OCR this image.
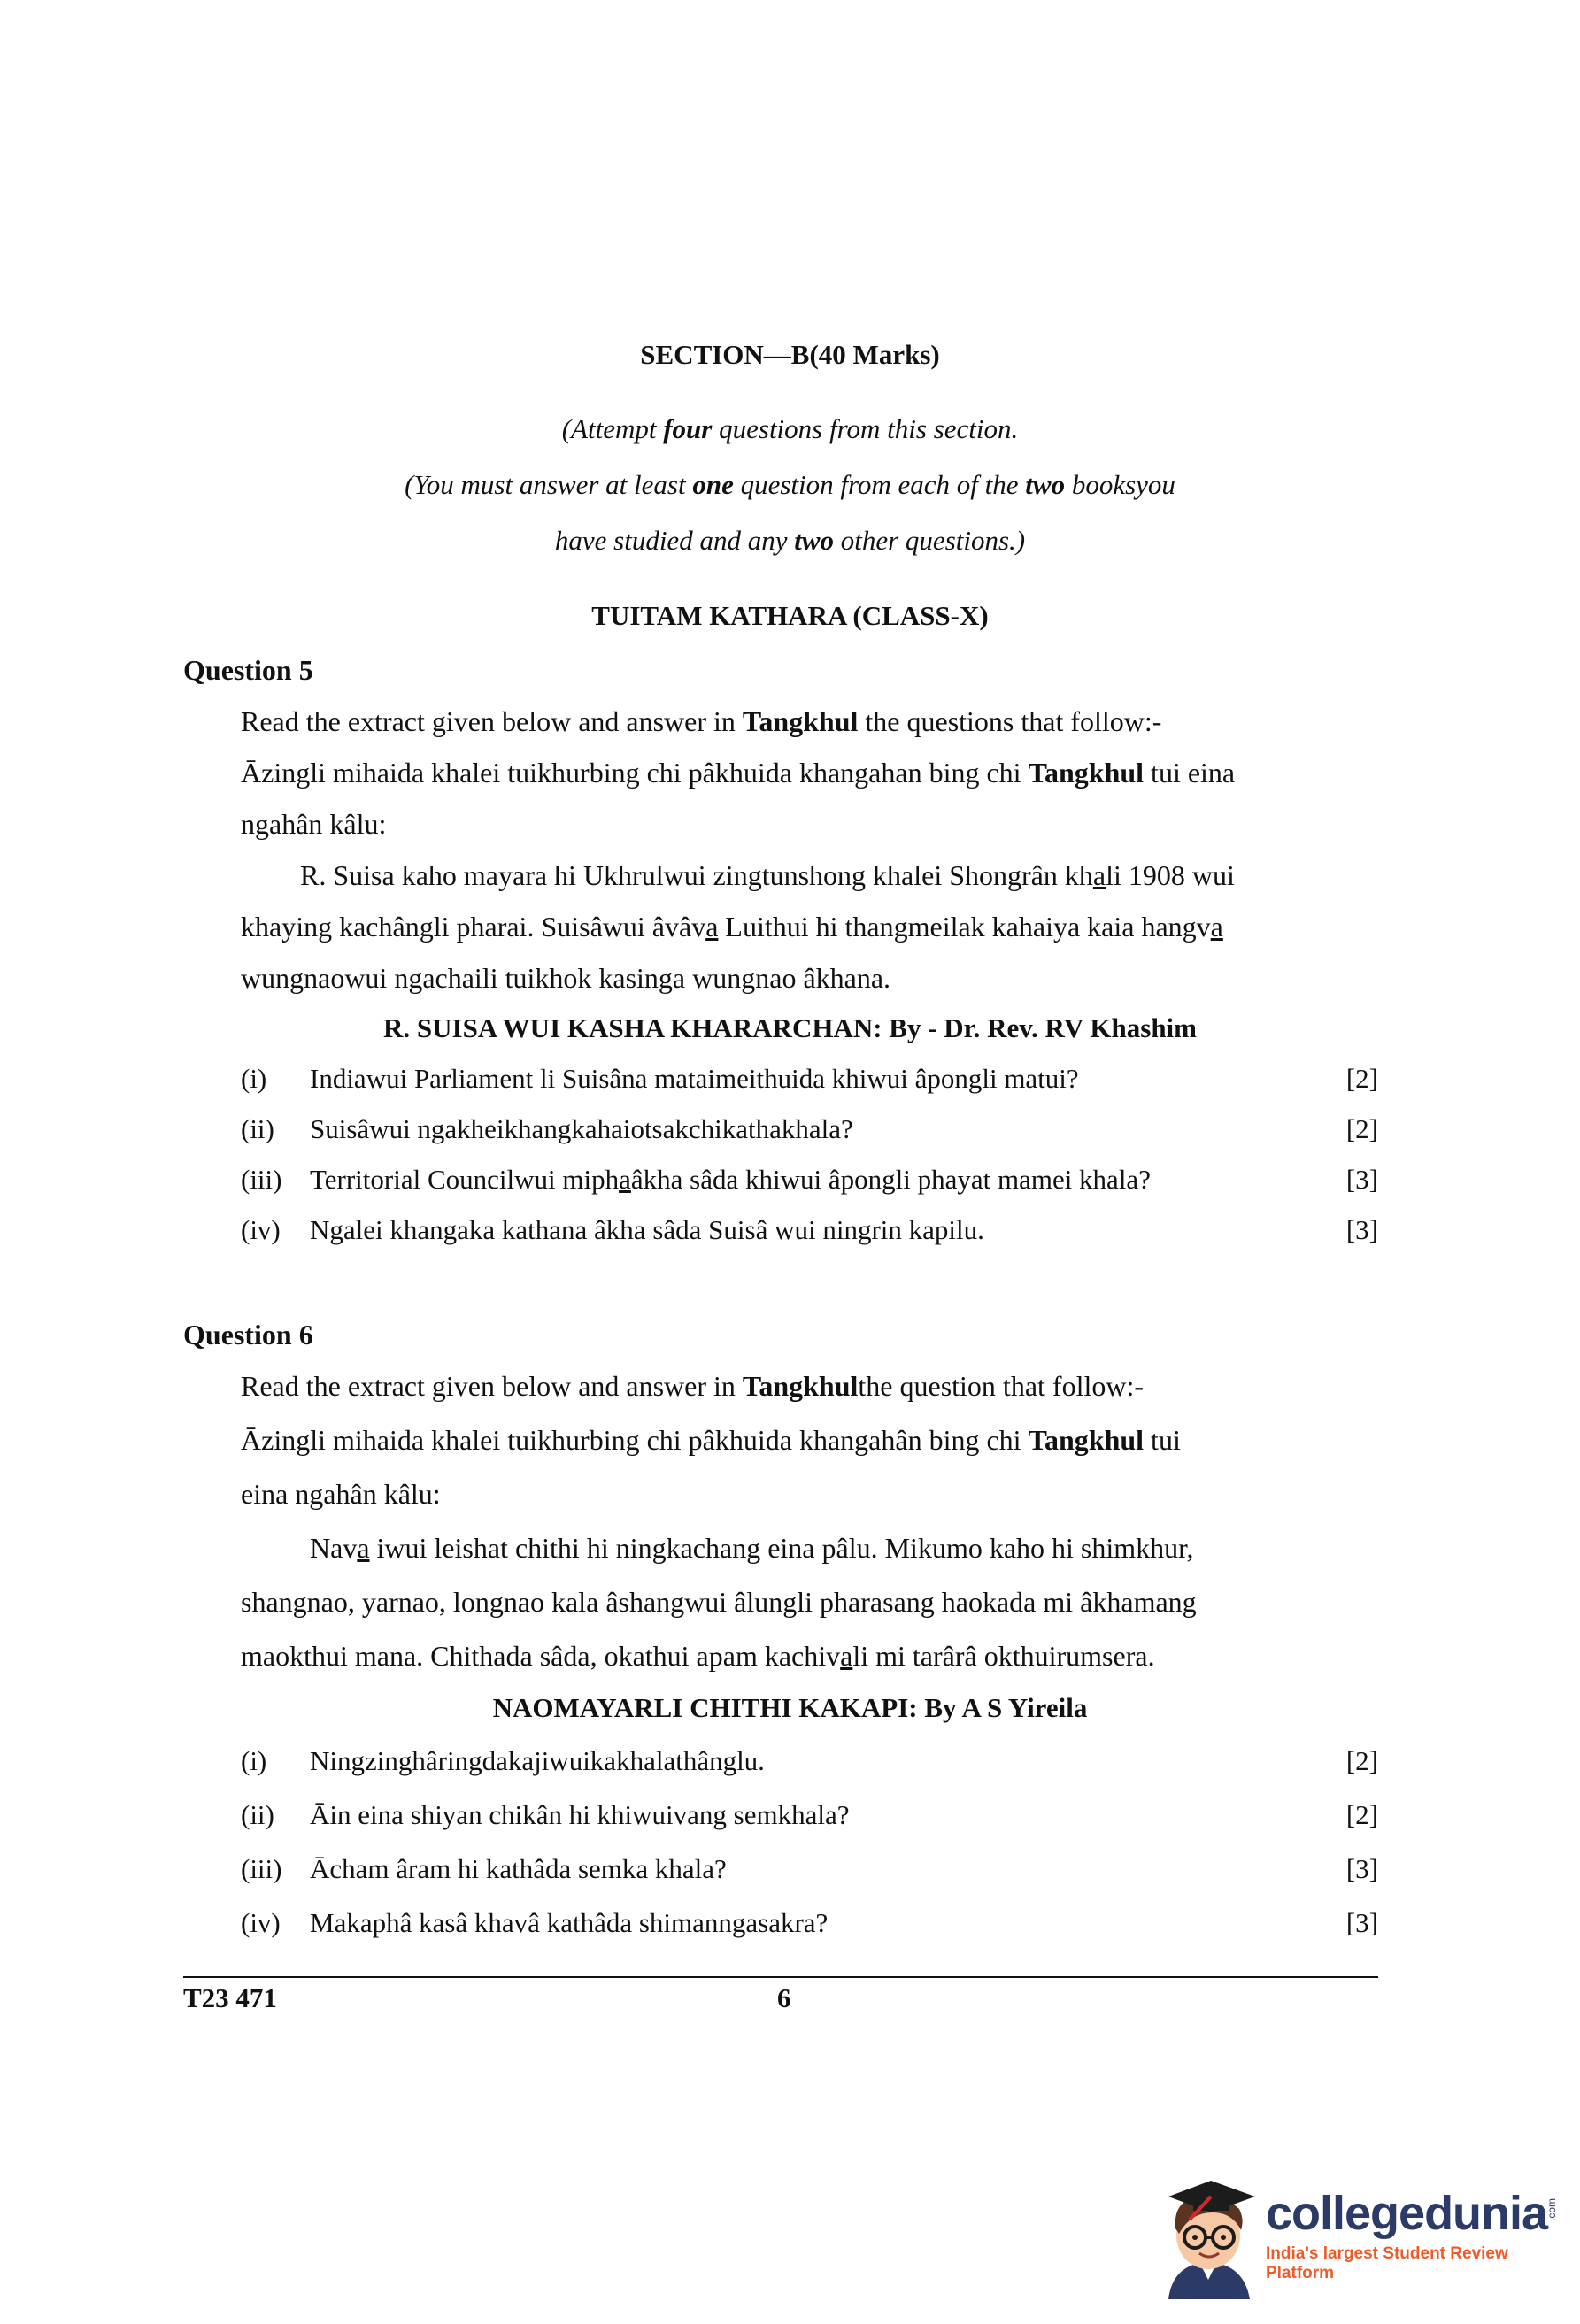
SECTION—B(40 Marks)
(Attempt four questions from this section.
(You must answer at least one question from each of the two booksyou
have studied and any two other questions.)
TUITAM KATHARA (CLASS-X)
Question 5
Read the extract given below and answer in Tangkhul the questions that follow:-
Āzingli mihaida khalei tuikhurbing chi pâkhuida khangahan bing chi Tangkhul tui eina
ngahân kâlu:
R. Suisa kaho mayara hi Ukhrulwui zingtunshong khalei Shongrân khali 1908 wui
khaying kachângli pharai. Suisâwui âvâva Luithui hi thangmeilak kahaiya kaia hangva
wungnaowui ngachaili tuikhok kasinga wungnao âkhana.
R. SUISA WUI KASHA KHARARCHAN: By - Dr. Rev. RV Khashim
(i) Indiawui Parliament li Suisâna mataimeithuida khiwui âpongli matui?	[2]
(ii) Suisâwui ngakheikhangkahaiotsakchikathakhala?	[2]
(iii) Territorial Councilwui miphaâkha sâda khiwui âpongli phayat mamei khala?	[3]
(iv) Ngalei khangaka kathana âkha sâda Suisâ wui ningrin kapilu.	[3]
Question 6
Read the extract given below and answer in Tangkhulthe question that follow:-
Āzingli mihaida khalei tuikhurbing chi pâkhuida khangahân bing chi Tangkhul tui
eina ngahân kâlu:
Nava iwui leishat chithi hi ningkachang eina pâlu. Mikumo kaho hi shimkhur,
shangnao, yarnao, longnao kala âshangwui âlungli pharasang haokada mi âkhamang
maokthui mana. Chithada sâda, okathui apam kachivali mi tarârâ okthuirumsera.
NAOMAYARLI CHITHI KAKAPI: By A S Yireila
(i) Ningzinghâringdakajiwuikakhalathânglu.	[2]
(ii) Āin eina shiyan chikân hi khiwuivang semkhala?	[2]
(iii) Ācham âram hi kathâda semka khala?	[3]
(iv) Makaphâ kasâ khavâ kathâda shimanngasakra?	[3]
T23 471	6
collegedunia
.com
India's largest Student Review Platform
